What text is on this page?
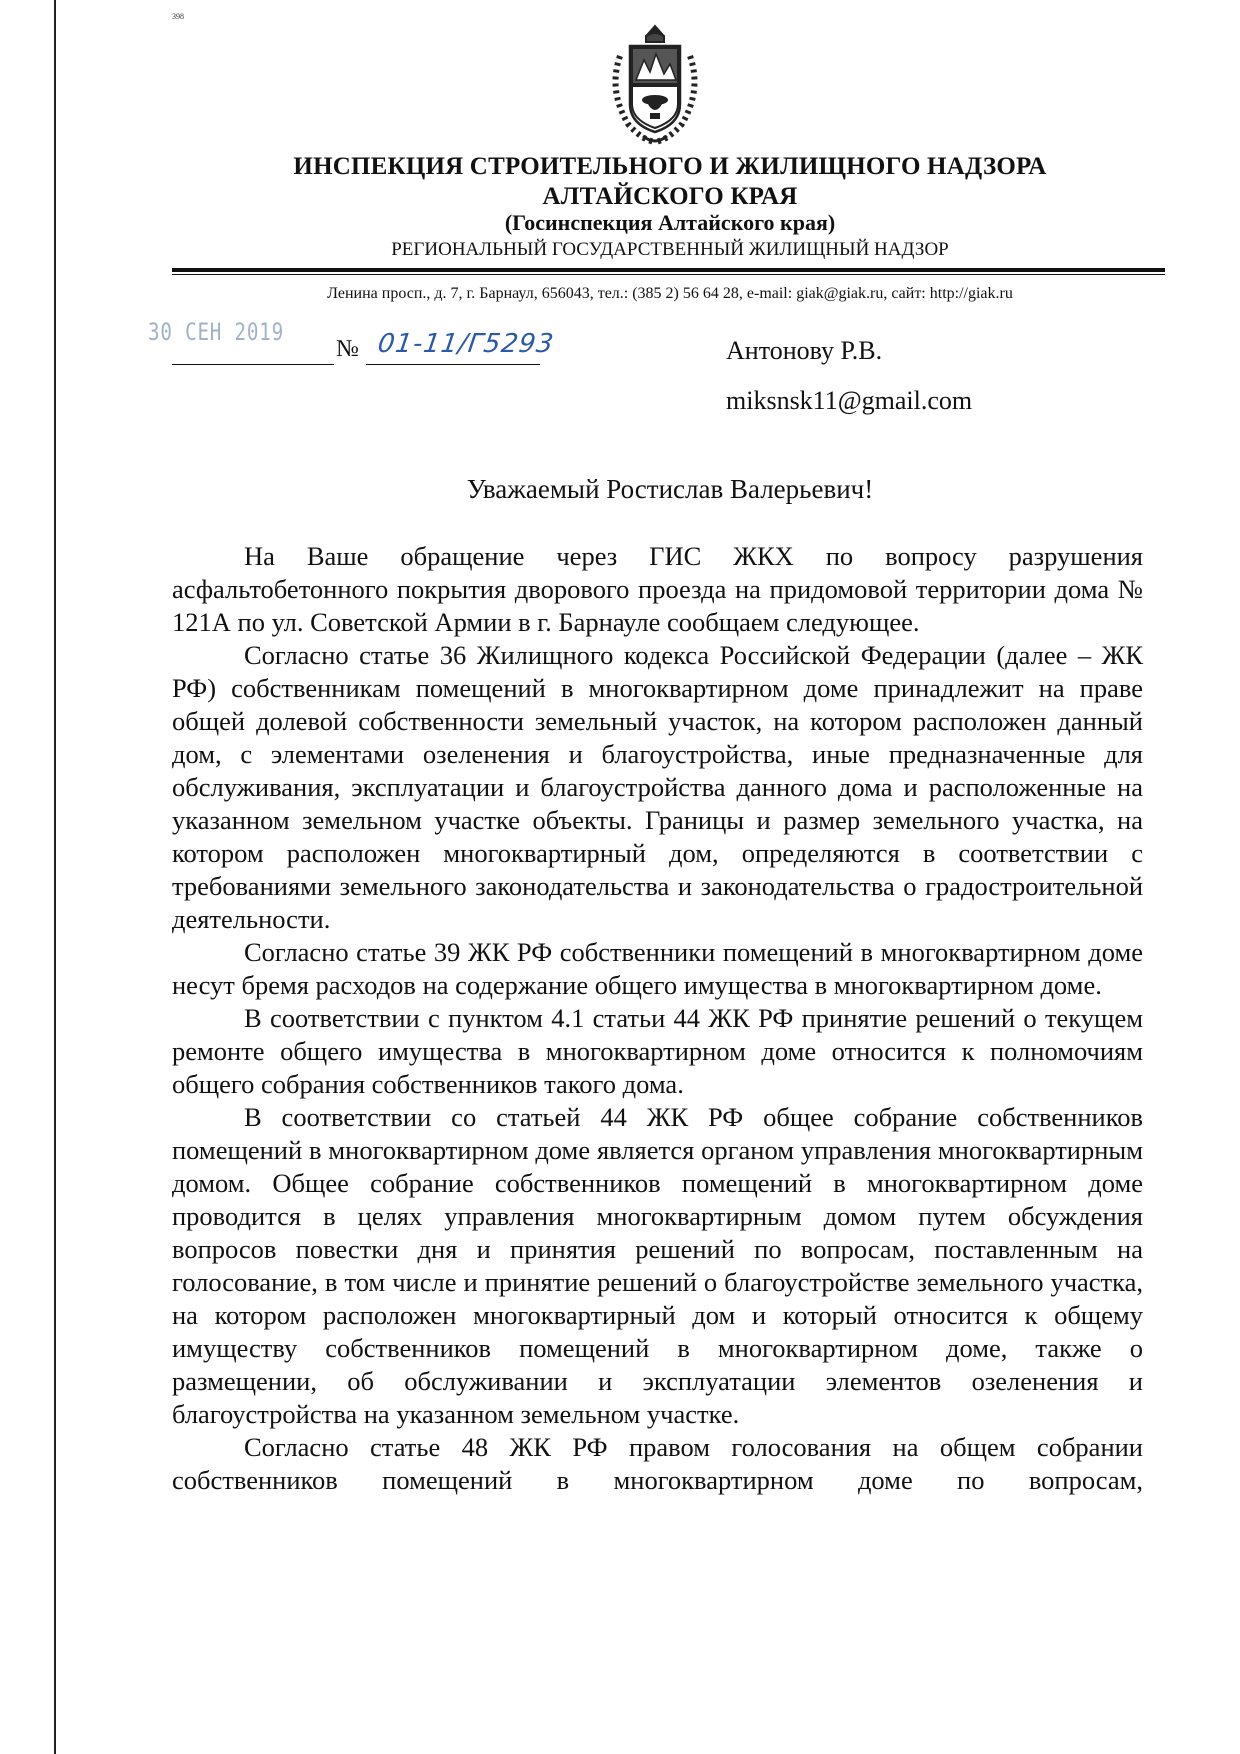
398
ИНСПЕКЦИЯ СТРОИТЕЛЬНОГО И ЖИЛИЩНОГО НАДЗОРА
АЛТАЙСКОГО КРАЯ
(Госинспекция Алтайского края)
РЕГИОНАЛЬНЫЙ ГОСУДАРСТВЕННЫЙ ЖИЛИЩНЫЙ НАДЗОР
Ленина просп., д. 7, г. Барнаул, 656043, тел.: (385 2) 56 64 28, e-mail: giak@giak.ru, сайт: http://giak.ru
30 СЕН 2019
№ 01-11/Г5293	Антонову Р.В.
miksnsk11@gmail.com
Уважаемый Ростислав Валерьевич!

На Ваше обращение через ГИС ЖКХ по вопросу разрушения асфальтобетонного покрытия дворового проезда на придомовой территории дома № 121А по ул. Советской Армии в г. Барнауле сообщаем следующее.

Согласно статье 36 Жилищного кодекса Российской Федерации (далее – ЖК РФ) собственникам помещений в многоквартирном доме принадлежит на праве общей долевой собственности земельный участок, на котором расположен данный дом, с элементами озеленения и благоустройства, иные предназначенные для обслуживания, эксплуатации и благоустройства данного дома и расположенные на указанном земельном участке объекты. Границы и размер земельного участка, на котором расположен многоквартирный дом, определяются в соответствии с требованиями земельного законодательства и законодательства о градостроительной деятельности.

Согласно статье 39 ЖК РФ собственники помещений в многоквартирном доме несут бремя расходов на содержание общего имущества в многоквартирном доме.

В соответствии с пунктом 4.1 статьи 44 ЖК РФ принятие решений о текущем ремонте общего имущества в многоквартирном доме относится к полномочиям общего собрания собственников такого дома.

В соответствии со статьей 44 ЖК РФ общее собрание собственников помещений в многоквартирном доме является органом управления многоквартирным домом. Общее собрание собственников помещений в многоквартирном доме проводится в целях управления многоквартирным домом путем обсуждения вопросов повестки дня и принятия решений по вопросам, поставленным на голосование, в том числе и принятие решений о благоустройстве земельного участка, на котором расположен многоквартирный дом и который относится к общему имуществу собственников помещений в многоквартирном доме, также о размещении, об обслуживании и эксплуатации элементов озеленения и благоустройства на указанном земельном участке.

Согласно статье 48 ЖК РФ правом голосования на общем собрании собственников помещений в многоквартирном доме по вопросам,
